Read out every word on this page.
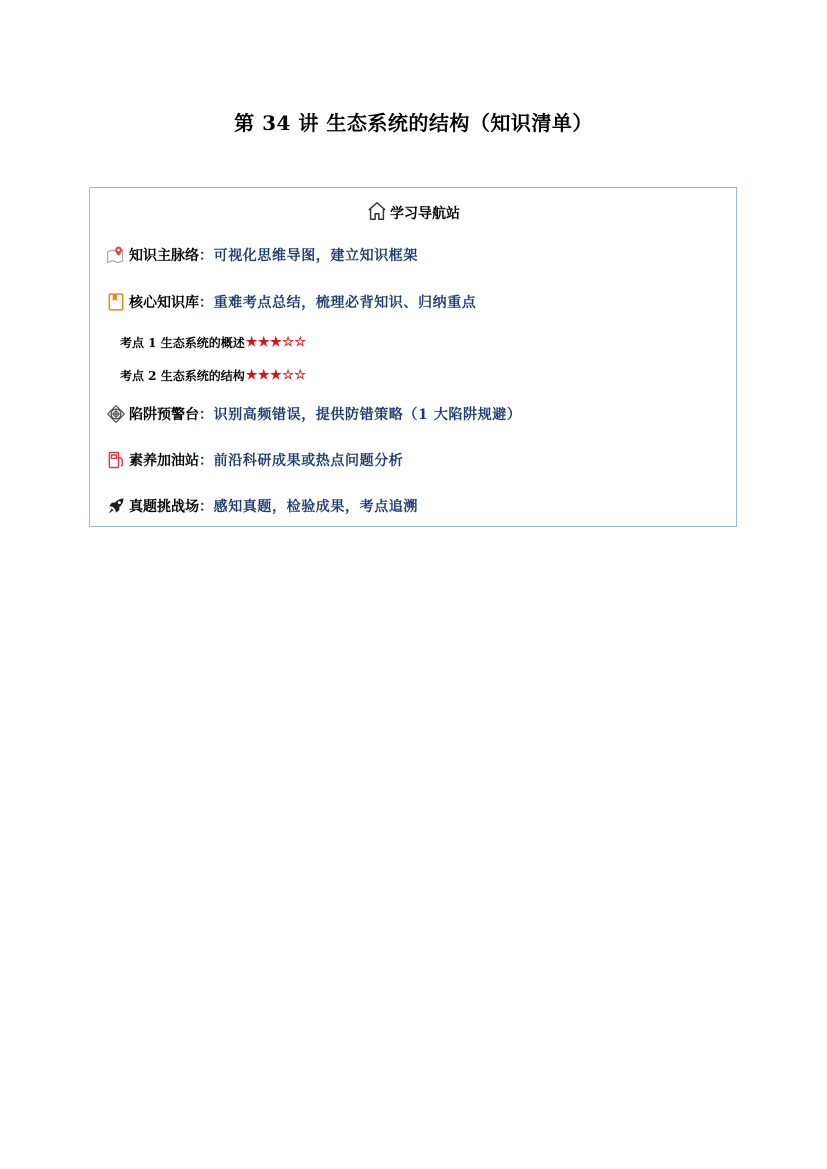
第 34 讲 生态系统的结构（知识清单）
学习导航站
知识主脉络 ： 可视化思维导图，建立知识框架
核心知识库 ： 重难考点总结，梳理必背知识、归纳重点
考点 1 生态系统的概述 ★★★☆☆
考点 2 生态系统的结构 ★★★☆☆
陷阱预警台 ： 识别高频错误，提供防错策略（1 大陷阱规避）
素养加油站 ： 前沿科研成果或热点问题分析
真题挑战场 ： 感知真题，检验成果，考点追溯
